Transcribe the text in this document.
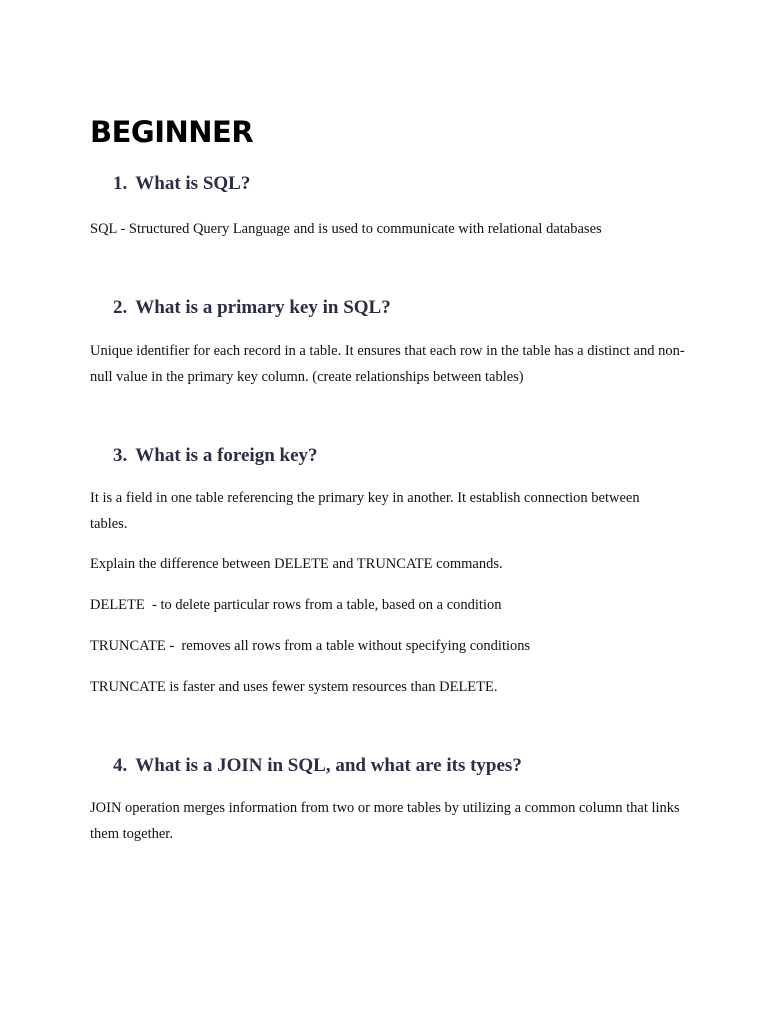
BEGINNER
1. What is SQL?

SQL - Structured Query Language and is used to communicate with relational databases

2. What is a primary key in SQL?

Unique identifier for each record in a table. It ensures that each row in the table has a distinct and non-null value in the primary key column. (create relationships between tables)

3. What is a foreign key?

It is a field in one table referencing the primary key in another. It establish connection between tables.

Explain the difference between DELETE and TRUNCATE commands.

DELETE  - to delete particular rows from a table, based on a condition

TRUNCATE -  removes all rows from a table without specifying conditions

TRUNCATE is faster and uses fewer system resources than DELETE.

4. What is a JOIN in SQL, and what are its types?

JOIN operation merges information from two or more tables by utilizing a common column that links them together.
